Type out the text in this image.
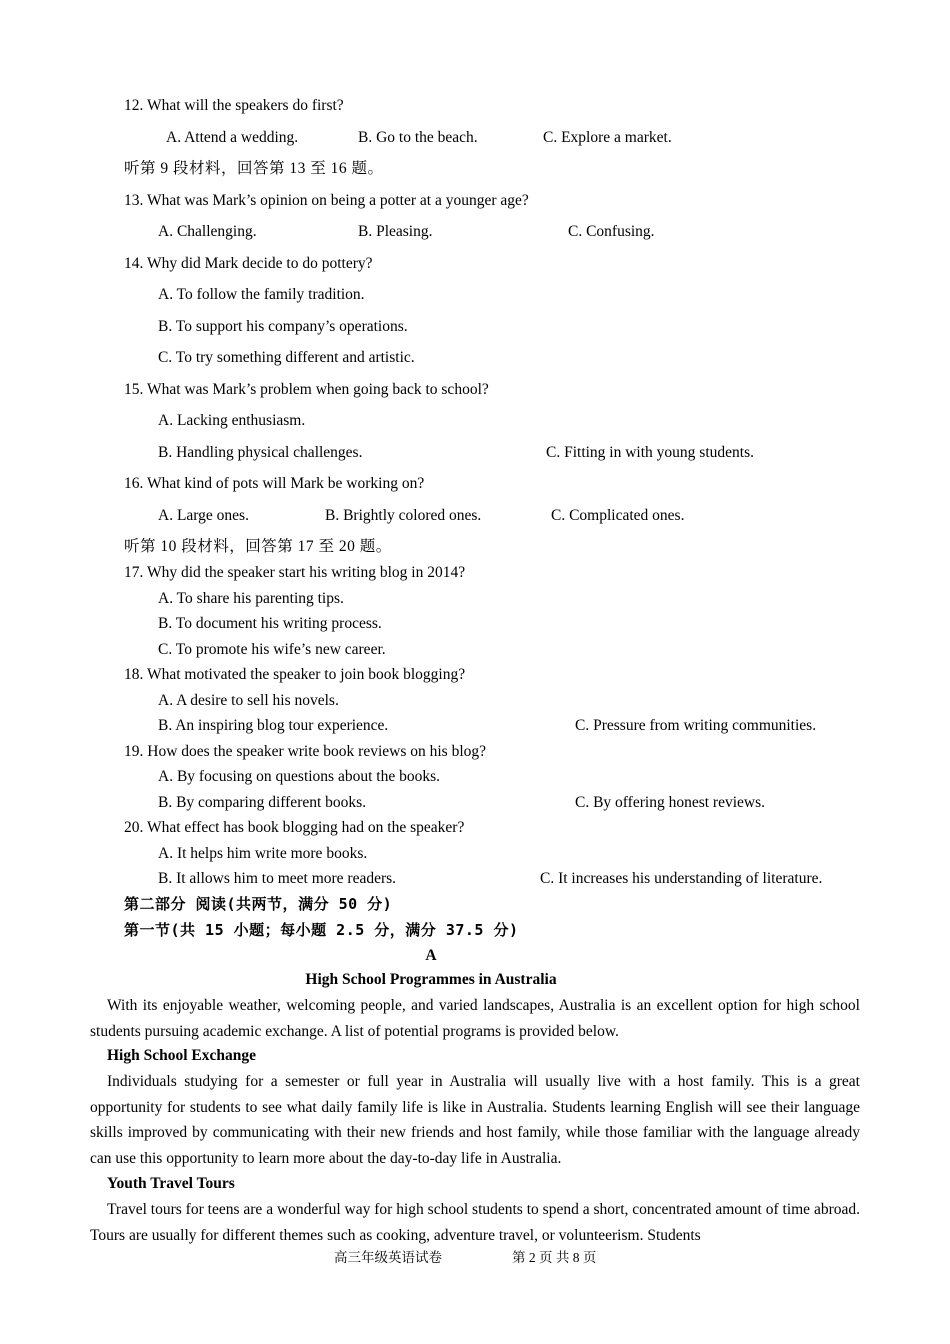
12. What will the speakers do first?
A. Attend a wedding.	B. Go to the beach.	C. Explore a market.
听第 9 段材料，回答第 13 至 16 题。
13. What was Mark’s opinion on being a potter at a younger age?
A. Challenging.	B. Pleasing.	C. Confusing.
14. Why did Mark decide to do pottery?
A. To follow the family tradition.
B. To support his company’s operations.
C. To try something different and artistic.
15. What was Mark’s problem when going back to school?
A. Lacking enthusiasm.
B. Handling physical challenges.	C. Fitting in with young students.
16. What kind of pots will Mark be working on?
A. Large ones.	B. Brightly colored ones.	C. Complicated ones.
听第 10 段材料，回答第 17 至 20 题。
17. Why did the speaker start his writing blog in 2014?
A. To share his parenting tips.
B. To document his writing process.
C. To promote his wife’s new career.
18. What motivated the speaker to join book blogging?
A. A desire to sell his novels.
B. An inspiring blog tour experience.	C. Pressure from writing communities.
19. How does the speaker write book reviews on his blog?
A. By focusing on questions about the books.
B. By comparing different books.	C. By offering honest reviews.
20. What effect has book blogging had on the speaker?
A. It helps him write more books.
B. It allows him to meet more readers.	C. It increases his understanding of literature.
第二部分 阅读(共两节，满分 50 分)
第一节(共 15 小题；每小题 2.5 分，满分 37.5 分)
A
High School Programmes in Australia
With its enjoyable weather, welcoming people, and varied landscapes, Australia is an excellent option for high school students pursuing academic exchange. A list of potential programs is provided below.
High School Exchange
Individuals studying for a semester or full year in Australia will usually live with a host family. This is a great opportunity for students to see what daily family life is like in Australia. Students learning English will see their language skills improved by communicating with their new friends and host family, while those familiar with the language already can use this opportunity to learn more about the day-to-day life in Australia.
Youth Travel Tours
Travel tours for teens are a wonderful way for high school students to spend a short, concentrated amount of time abroad. Tours are usually for different themes such as cooking, adventure travel, or volunteerism. Students
高三年级英语试卷	第 2 页 共 8 页
